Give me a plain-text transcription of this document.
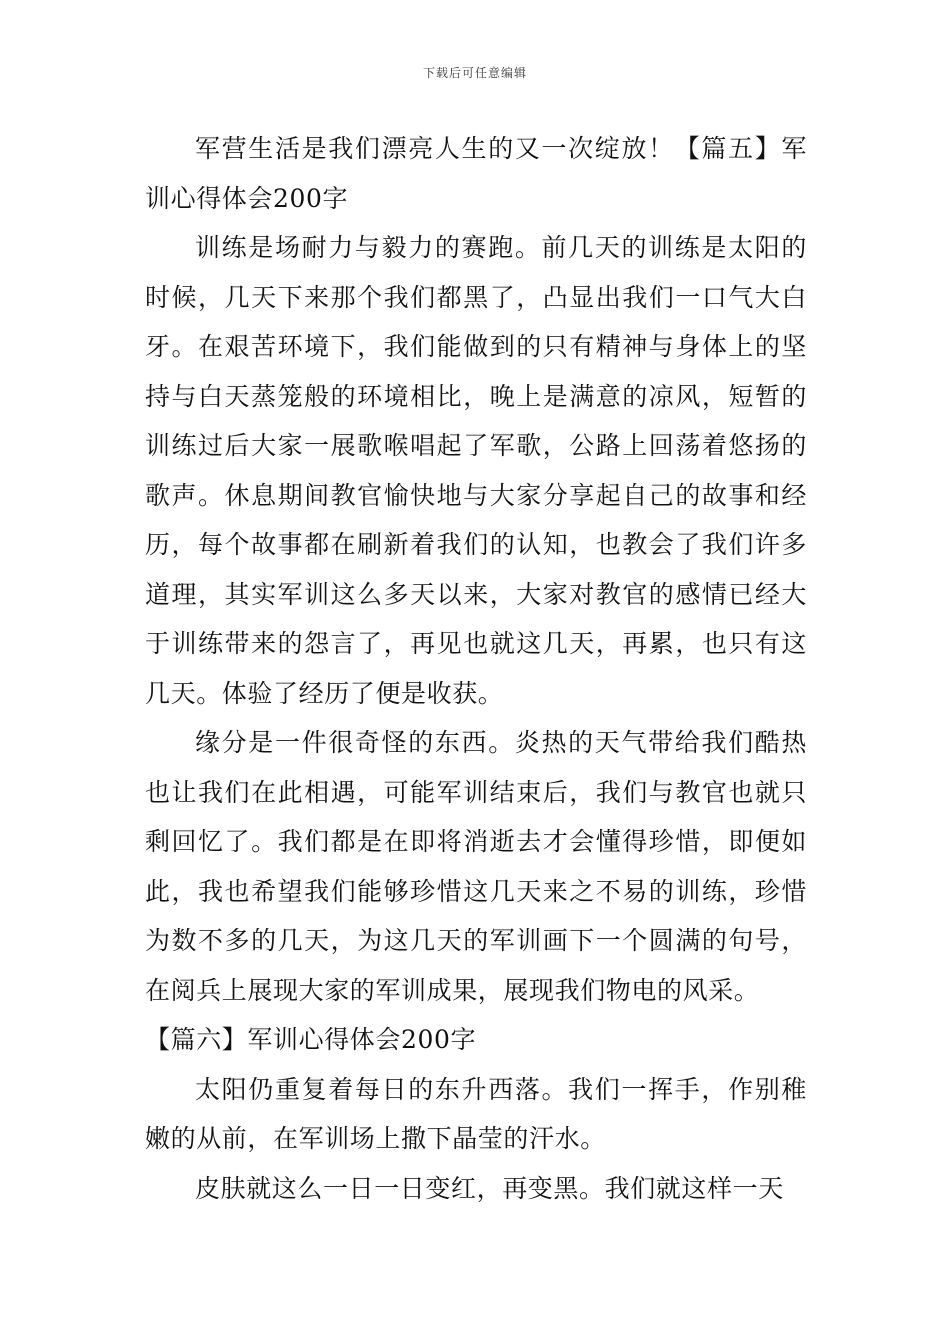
下载后可任意编辑

军营生活是我们漂亮人生的又一次绽放！【篇五】军训心得体会200字

训练是场耐力与毅力的赛跑。前几天的训练是太阳的时候，几天下来那个我们都黑了，凸显出我们一口气大白牙。在艰苦环境下，我们能做到的只有精神与身体上的坚持与白天蒸笼般的环境相比，晚上是满意的凉风，短暂的训练过后大家一展歌喉唱起了军歌，公路上回荡着悠扬的歌声。休息期间教官愉快地与大家分享起自己的故事和经历，每个故事都在刷新着我们的认知，也教会了我们许多道理，其实军训这么多天以来，大家对教官的感情已经大于训练带来的怨言了，再见也就这几天，再累，也只有这几天。体验了经历了便是收获。

缘分是一件很奇怪的东西。炎热的天气带给我们酷热也让我们在此相遇，可能军训结束后，我们与教官也就只剩回忆了。我们都是在即将消逝去才会懂得珍惜，即便如此，我也希望我们能够珍惜这几天来之不易的训练，珍惜为数不多的几天，为这几天的军训画下一个圆满的句号，在阅兵上展现大家的军训成果，展现我们物电的风采。

【篇六】军训心得体会200字

太阳仍重复着每日的东升西落。我们一挥手，作别稚嫩的从前，在军训场上撒下晶莹的汗水。

皮肤就这么一日一日变红，再变黑。我们就这样一天
